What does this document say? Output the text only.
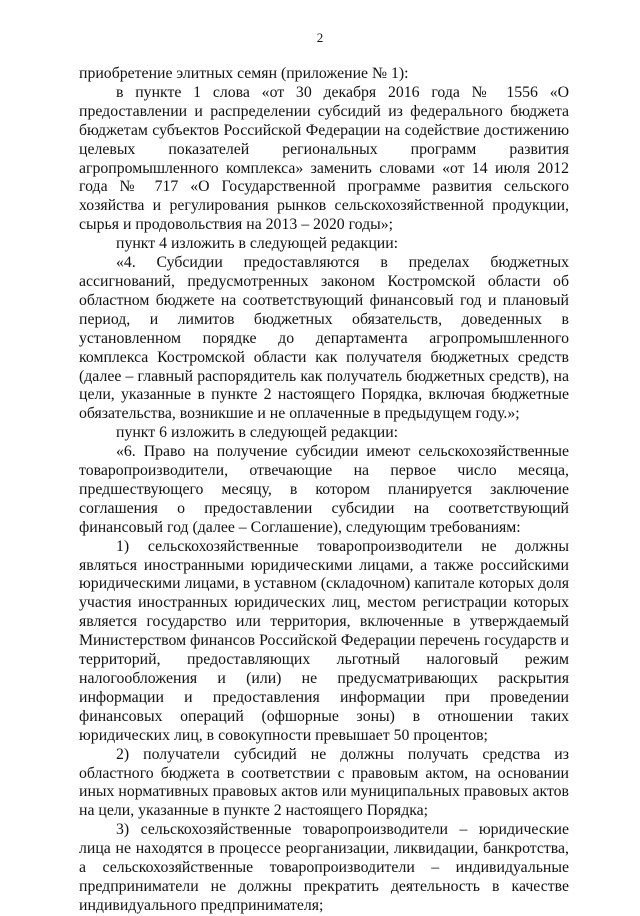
2

приобретение элитных семян (приложение № 1):

в пункте 1 слова «от 30 декабря 2016 года № 1556 «О предоставлении и распределении субсидий из федерального бюджета бюджетам субъектов Российской Федерации на содействие достижению целевых показателей региональных программ развития агропромышленного комплекса» заменить словами «от 14 июля 2012 года № 717 «О Государственной программе развития сельского хозяйства и регулирования рынков сельскохозяйственной продукции, сырья и продовольствия на 2013 – 2020 годы»;

пункт 4 изложить в следующей редакции:

«4. Субсидии предоставляются в пределах бюджетных ассигнований, предусмотренных законом Костромской области об областном бюджете на соответствующий финансовый год и плановый период, и лимитов бюджетных обязательств, доведенных в установленном порядке до департамента агропромышленного комплекса Костромской области как получателя бюджетных средств (далее – главный распорядитель как получатель бюджетных средств), на цели, указанные в пункте 2 настоящего Порядка, включая бюджетные обязательства, возникшие и не оплаченные в предыдущем году.»;

пункт 6 изложить в следующей редакции:

«6. Право на получение субсидии имеют сельскохозяйственные товаропроизводители, отвечающие на первое число месяца, предшествующего месяцу, в котором планируется заключение соглашения о предоставлении субсидии на соответствующий финансовый год (далее – Соглашение), следующим требованиям:

1) сельскохозяйственные товаропроизводители не должны являться иностранными юридическими лицами, а также российскими юридическими лицами, в уставном (складочном) капитале которых доля участия иностранных юридических лиц, местом регистрации которых является государство или территория, включенные в утверждаемый Министерством финансов Российской Федерации перечень государств и территорий, предоставляющих льготный налоговый режим налогообложения и (или) не предусматривающих раскрытия информации и предоставления информации при проведении финансовых операций (офшорные зоны) в отношении таких юридических лиц, в совокупности превышает 50 процентов;

2) получатели субсидий не должны получать средства из областного бюджета в соответствии с правовым актом, на основании иных нормативных правовых актов или муниципальных правовых актов на цели, указанные в пункте 2 настоящего Порядка;

3) сельскохозяйственные товаропроизводители – юридические лица не находятся в процессе реорганизации, ликвидации, банкротства, а сельскохозяйственные товаропроизводители – индивидуальные предприниматели не должны прекратить деятельность в качестве индивидуального предпринимателя;
